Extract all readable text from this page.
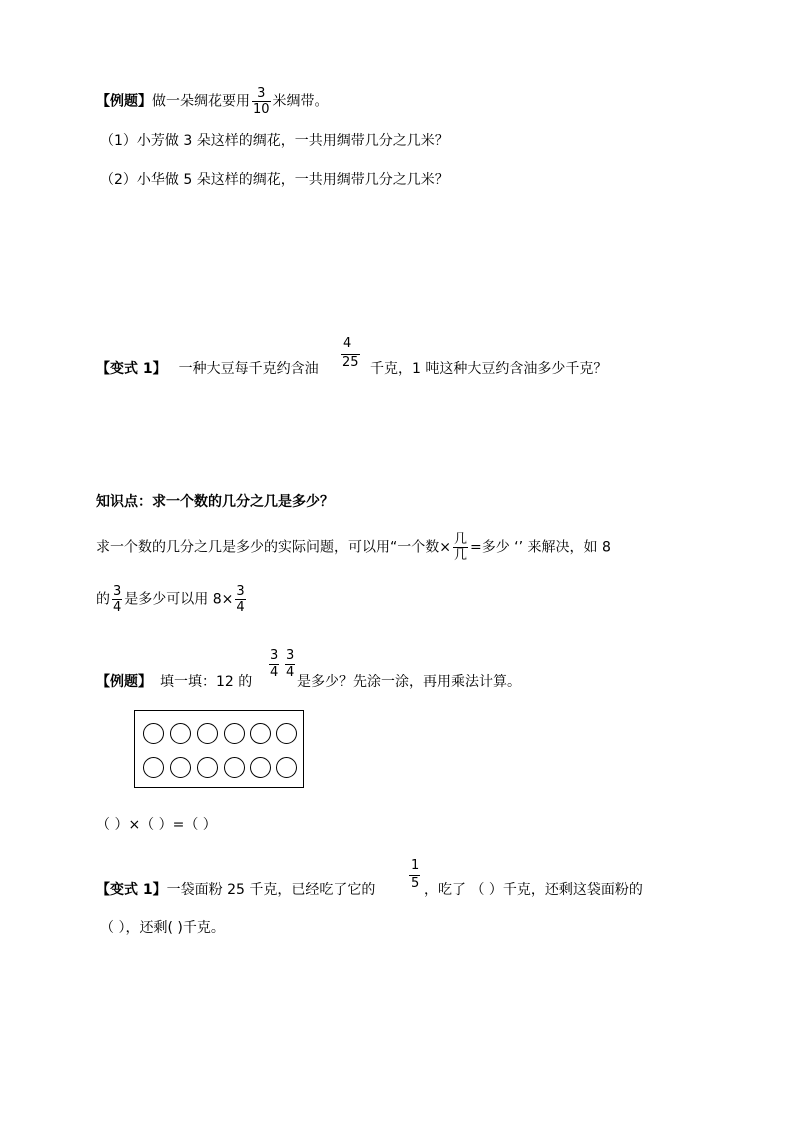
【例题】做一朵绸花要用 $\frac{3}{10}$ 米绸带。
（1）小芳做 3 朵这样的绸花，一共用绸带几分之几米？
（2）小华做 5 朵这样的绸花，一共用绸带几分之几米？
4
25
【变式 1】 一种大豆每千克约含油	千克，1 吨这种大豆约含油多少千克？
知识点：求一个数的几分之几是多少？
求一个数的几分之几是多少的实际问题，可以用“一个数× $\frac{\text{几}}{\text{几}}$ =多少 ‘’ 来解决，如 8
的 $\frac{3}{4}$ 是多少可以用 $8\times \frac{3}{4}$
3
4
3
4
【例题】 填一填：12 的	是多少？先涂一涂，再用乘法计算。
（ ）×（ ）=（ ）
1
5
【变式 1】一袋面粉 25 千克，已经吃了它的	，吃了 （ ）千克，还剩这袋面粉的
（ ），还剩( )千克。
